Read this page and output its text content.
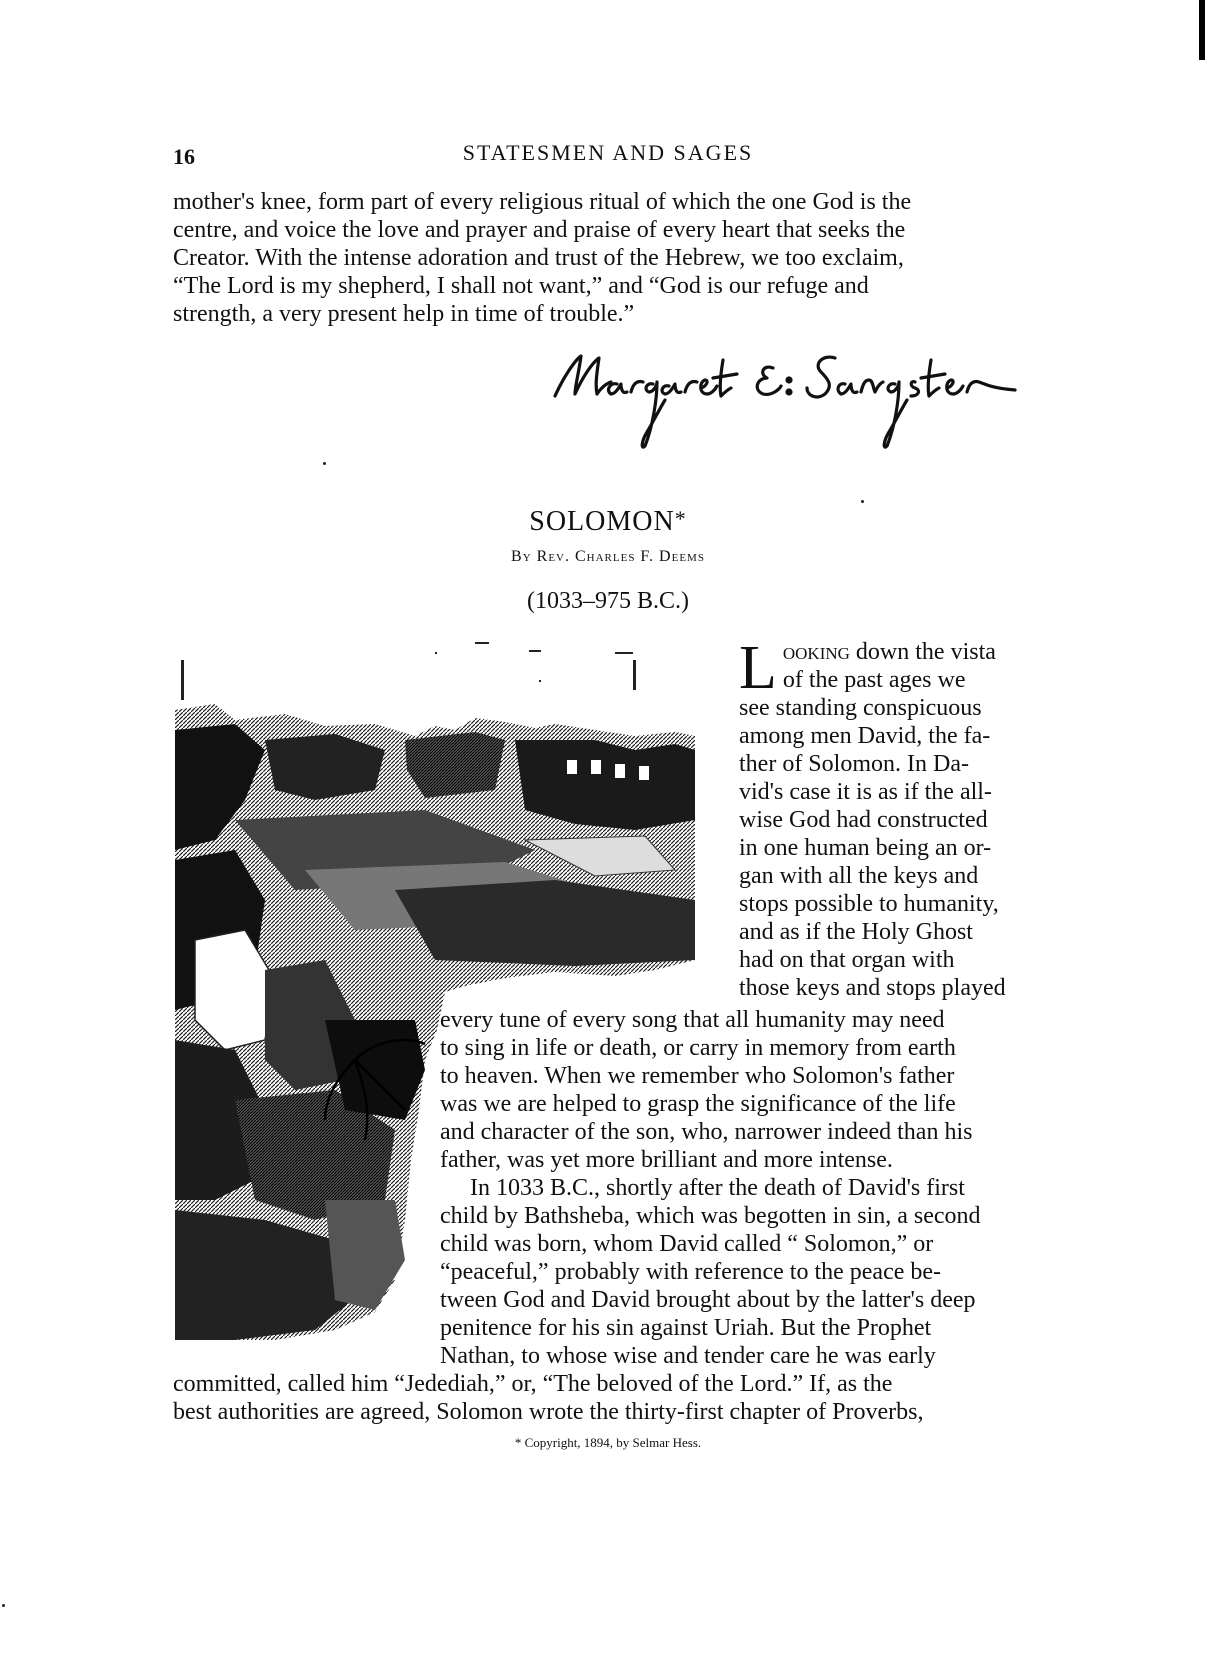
16	STATESMEN AND SAGES

mother's knee, form part of every religious ritual of which the one God is the

centre, and voice the love and prayer and praise of every heart that seeks the

Creator. With the intense adoration and trust of the Hebrew, we too exclaim,

“The Lord is my shepherd, I shall not want,” and “God is our refuge and

strength, a very present help in time of trouble.”

SOLOMON*
By Rev. Charles F. Deems
(1033–975 B.C.)

Looking down the vista

of the past ages we

see standing conspicuous

among men David, the fa-

ther of Solomon. In Da-

vid's case it is as if the all-

wise God had constructed

in one human being an or-

gan with all the keys and

stops possible to humanity,

and as if the Holy Ghost

had on that organ with

those keys and stops played

every tune of every song that all humanity may need

to sing in life or death, or carry in memory from earth

to heaven. When we remember who Solomon's father

was we are helped to grasp the significance of the life

and character of the son, who, narrower indeed than his

father, was yet more brilliant and more intense.

In 1033 B.C., shortly after the death of David's first

child by Bathsheba, which was begotten in sin, a second

child was born, whom David called “ Solomon,” or

“peaceful,” probably with reference to the peace be-

tween God and David brought about by the latter's deep

penitence for his sin against Uriah. But the Prophet

Nathan, to whose wise and tender care he was early

committed, called him “Jedediah,” or, “The beloved of the Lord.” If, as the

best authorities are agreed, Solomon wrote the thirty-first chapter of Proverbs,

* Copyright, 1894, by Selmar Hess.
